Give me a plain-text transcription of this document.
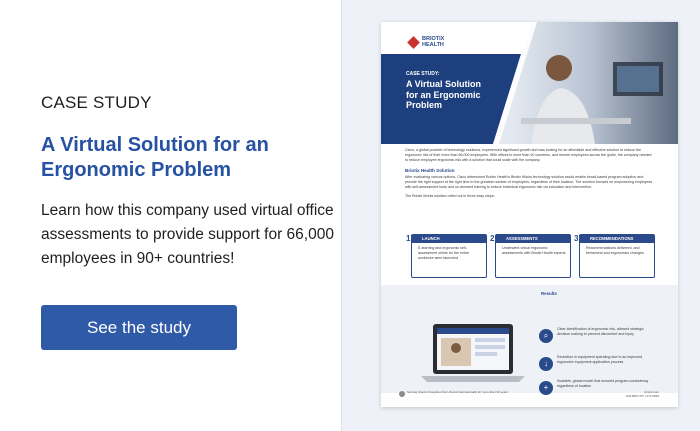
CASE STUDY
A Virtual Solution for an Ergonomic Problem

Learn how this company used virtual office assessments to provide support for 66,000 employees in 90+ countries!

See the study
BRIOTIX
HEALTH
CASE STUDY:
A Virtual Solution for an Ergonomic Problem

Cisco, a global provider of technology solutions, experienced significant growth and was looking for an affordable and effective solution to reduce the ergonomic risk of their more than 66,000 employees. With offices in more than 90 countries, and remote employees across the globe, the company needed to reduce employee ergonomic risk with a solution that could scale with the company.

Briotix Health Solution

After evaluating various options, Cisco determined Briotix Health's Briotix Works technology solution would enable broad-based program adoption and provide the right support at the right time to the greatest number of employees, regardless of their location. The solution focused on empowering employees with self-assessment tools and on-demand training to reduce individual ergonomic risk via education and intervention.

The Briotix Works solution rolled out in three easy steps:

1	LAUNCH
E-learning and ergonomic self-assessment online for the entire workforce were launched
2	ASSESSMENTS
Underwent virtual ergonomic assessments with Briotix Health experts
3	RECOMMENDATIONS
Recommendations delivered, and behavioral and ergonomics changes
Results
⌕
Clear identification of ergonomic risk, allowed strategic decision making to prevent discomfort and injury
↓
Reduction in equipment spending due to an improved ergonomic equipment application process
+
Scalable, global model that ensured program consistency regardless of location
Serving clients throughout the US and internationally for more than 30 years	briotix.com
844.BRIOTIX | 274.6849
